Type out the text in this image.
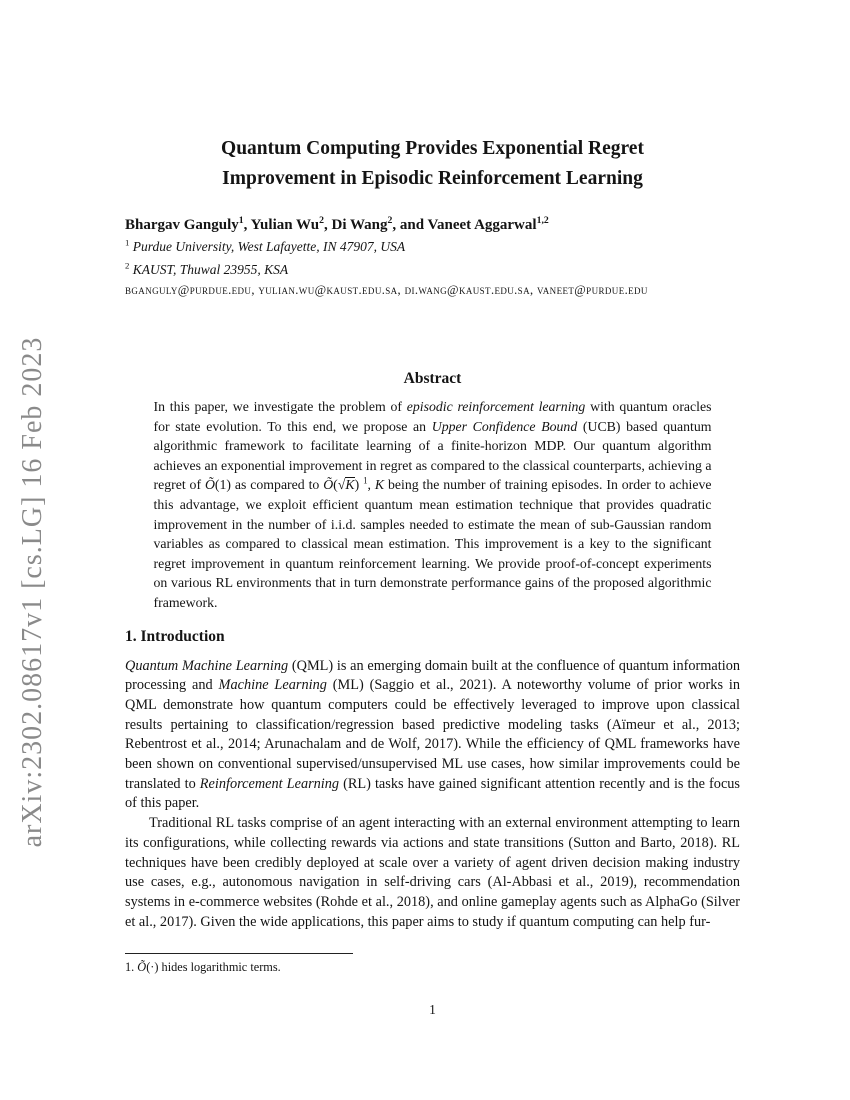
arXiv:2302.08617v1 [cs.LG] 16 Feb 2023
Quantum Computing Provides Exponential Regret
Improvement in Episodic Reinforcement Learning
Bhargav Ganguly$^1$, Yulian Wu$^2$, Di Wang$^2$, and Vaneet Aggarwal$^{1,2}$
$^1$ Purdue University, West Lafayette, IN 47907, USA
$^2$ KAUST, Thuwal 23955, KSA
bganguly@purdue.edu, yulian.wu@kaust.edu.sa, di.wang@kaust.edu.sa, vaneet@purdue.edu
Abstract
In this paper, we investigate the problem of episodic reinforcement learning with quantum oracles for state evolution. To this end, we propose an Upper Confidence Bound (UCB) based quantum algorithmic framework to facilitate learning of a finite-horizon MDP. Our quantum algorithm achieves an exponential improvement in regret as compared to the classical counterparts, achieving a regret of Õ(1) as compared to Õ(√K) $^1$, K being the number of training episodes. In order to achieve this advantage, we exploit efficient quantum mean estimation technique that provides quadratic improvement in the number of i.i.d. samples needed to estimate the mean of sub-Gaussian random variables as compared to classical mean estimation. This improvement is a key to the significant regret improvement in quantum reinforcement learning. We provide proof-of-concept experiments on various RL environments that in turn demonstrate performance gains of the proposed algorithmic framework.
1. Introduction

Quantum Machine Learning (QML) is an emerging domain built at the confluence of quantum information processing and Machine Learning (ML) (Saggio et al., 2021). A noteworthy volume of prior works in QML demonstrate how quantum computers could be effectively leveraged to improve upon classical results pertaining to classification/regression based predictive modeling tasks (Aïmeur et al., 2013; Rebentrost et al., 2014; Arunachalam and de Wolf, 2017). While the efficiency of QML frameworks have been shown on conventional supervised/unsupervised ML use cases, how similar improvements could be translated to Reinforcement Learning (RL) tasks have gained significant attention recently and is the focus of this paper.

Traditional RL tasks comprise of an agent interacting with an external environment attempting to learn its configurations, while collecting rewards via actions and state transitions (Sutton and Barto, 2018). RL techniques have been credibly deployed at scale over a variety of agent driven decision making industry use cases, e.g., autonomous navigation in self-driving cars (Al-Abbasi et al., 2019), recommendation systems in e-commerce websites (Rohde et al., 2018), and online gameplay agents such as AlphaGo (Silver et al., 2017). Given the wide applications, this paper aims to study if quantum computing can help fur-

1. Õ(·) hides logarithmic terms.
1
